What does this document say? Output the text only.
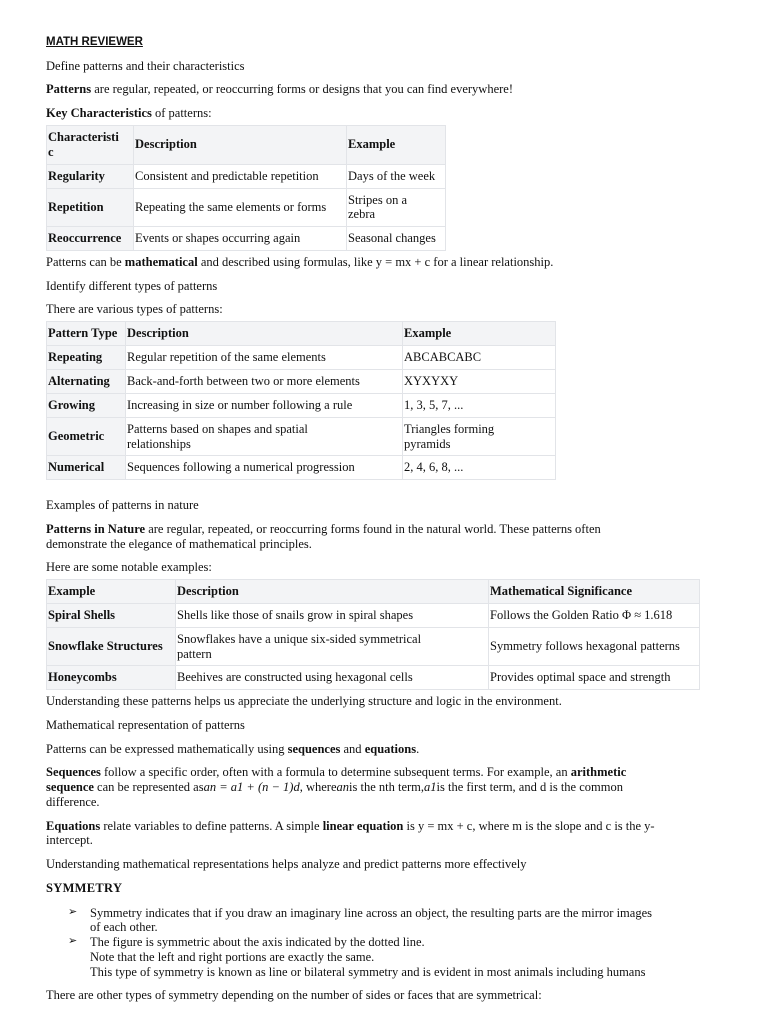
MATH REVIEWER

Define patterns and their characteristics

Patterns are regular, repeated, or reoccurring forms or designs that you can find everywhere!

Key Characteristics of patterns:

Characteristi
c	Description	Example
Regularity	Consistent and predictable repetition	Days of the week
Repetition	Repeating the same elements or forms	Stripes on a
zebra
Reoccurrence	Events or shapes occurring again	Seasonal changes

Patterns can be mathematical and described using formulas, like y = mx + c for a linear relationship.

Identify different types of patterns

There are various types of patterns:

Pattern Type	Description	Example
Repeating	Regular repetition of the same elements	ABCABCABC
Alternating	Back-and-forth between two or more elements	XYXYXY
Growing	Increasing in size or number following a rule	1, 3, 5, 7, ...
Geometric	Patterns based on shapes and spatial
relationships	Triangles forming
pyramids
Numerical	Sequences following a numerical progression	2, 4, 6, 8, ...

Examples of patterns in nature

Patterns in Nature are regular, repeated, or reoccurring forms found in the natural world. These patterns often
demonstrate the elegance of mathematical principles.

Here are some notable examples:

Example	Description	Mathematical Significance
Spiral Shells	Shells like those of snails grow in spiral shapes	Follows the Golden Ratio Φ ≈ 1.618
Snowflake Structures	Snowflakes have a unique six-sided symmetrical
pattern	Symmetry follows hexagonal patterns
Honeycombs	Beehives are constructed using hexagonal cells	Provides optimal space and strength

Understanding these patterns helps us appreciate the underlying structure and logic in the environment.

Mathematical representation of patterns

Patterns can be expressed mathematically using sequences and equations.

Sequences follow a specific order, often with a formula to determine subsequent terms. For example, an arithmetic
sequence can be represented asan = a1 + (n − 1)d, whereanis the nth term,a1is the first term, and d is the common
difference.

Equations relate variables to define patterns. A simple linear equation is y = mx + c, where m is the slope and c is the y-
intercept.

Understanding mathematical representations helps analyze and predict patterns more effectively

SYMMETRY

➢ Symmetry indicates that if you draw an imaginary line across an object, the resulting parts are the mirror images
of each other.
➢ The figure is symmetric about the axis indicated by the dotted line.
Note that the left and right portions are exactly the same.
This type of symmetry is known as line or bilateral symmetry and is evident in most animals including humans

There are other types of symmetry depending on the number of sides or faces that are symmetrical:
